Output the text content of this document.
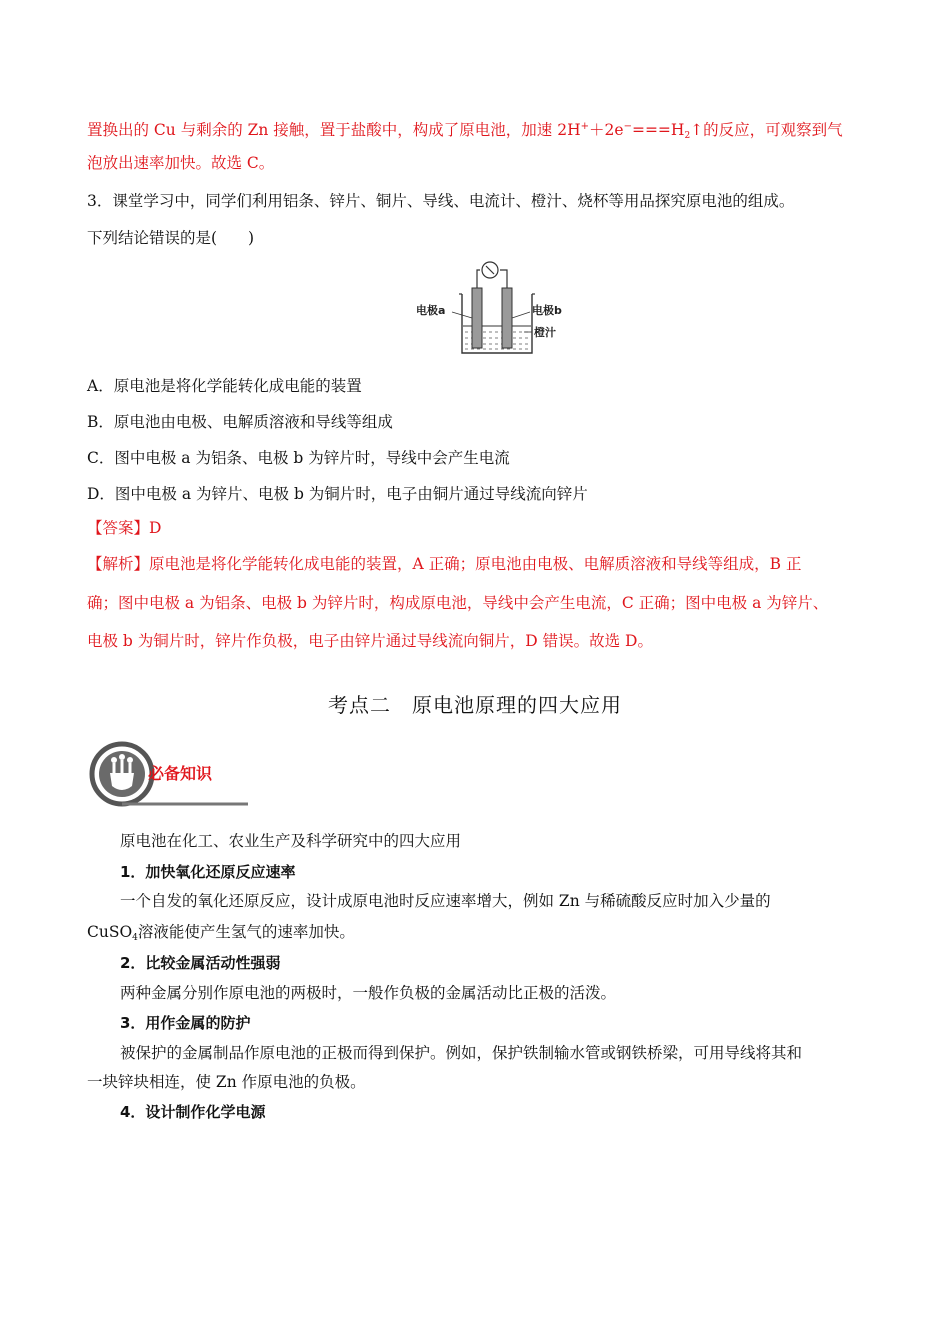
置换出的 Cu 与剩余的 Zn 接触，置于盐酸中，构成了原电池，加速 $2H^++2e^-===H_2↑$的反应，可观察到气
泡放出速率加快。故选 C。
3．课堂学习中，同学们利用铝条、锌片、铜片、导线、电流计、橙汁、烧杯等用品探究原电池的组成。
下列结论错误的是(　　)
电极a	电极b
橙汁
A．原电池是将化学能转化成电能的装置
B．原电池由电极、电解质溶液和导线等组成
C．图中电极 a 为铝条、电极 b 为锌片时，导线中会产生电流
D．图中电极 a 为锌片、电极 b 为铜片时，电子由铜片通过导线流向锌片
【答案】D
【解析】原电池是将化学能转化成电能的装置，A 正确；原电池由电极、电解质溶液和导线等组成，B 正
确；图中电极 a 为铝条、电极 b 为锌片时，构成原电池，导线中会产生电流，C 正确；图中电极 a 为锌片、
电极 b 为铜片时，锌片作负极，电子由锌片通过导线流向铜片，D 错误。故选 D。
考点二　原电池原理的四大应用
必备知识
原电池在化工、农业生产及科学研究中的四大应用
1．加快氧化还原反应速率
一个自发的氧化还原反应，设计成原电池时反应速率增大，例如 Zn 与稀硫酸反应时加入少量的
CuSO$_4$溶液能使产生氢气的速率加快。
2．比较金属活动性强弱
两种金属分别作原电池的两极时，一般作负极的金属活动比正极的活泼。
3．用作金属的防护
被保护的金属制品作原电池的正极而得到保护。例如，保护铁制输水管或钢铁桥梁，可用导线将其和
一块锌块相连，使 Zn 作原电池的负极。
4．设计制作化学电源
